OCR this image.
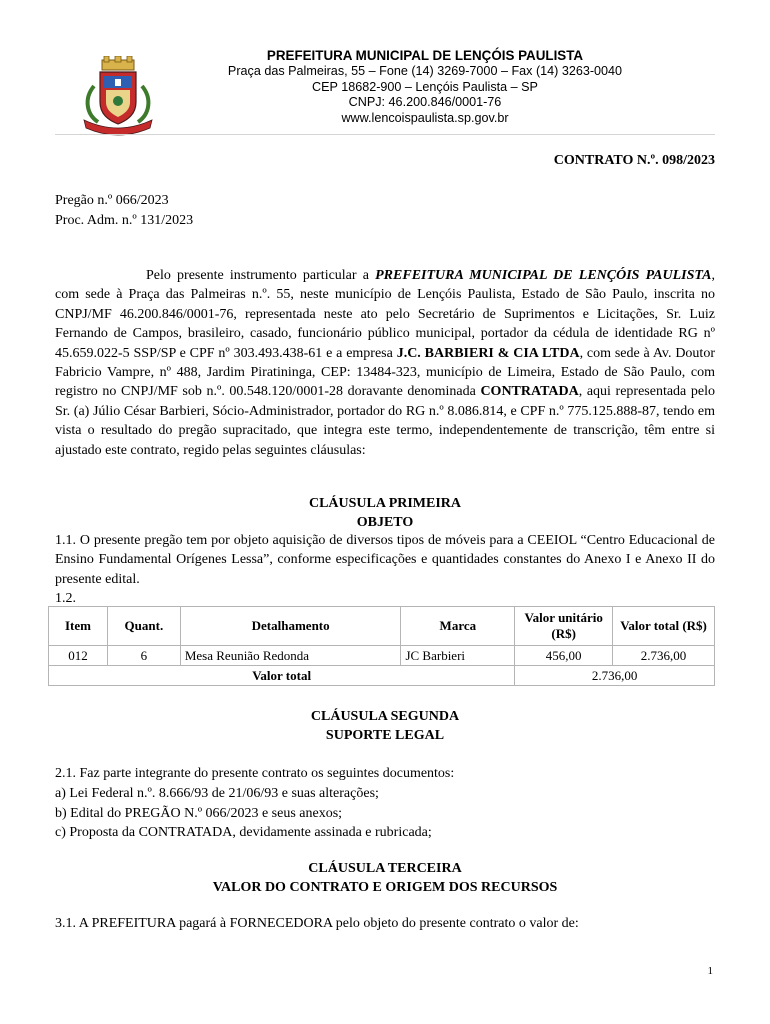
PREFEITURA MUNICIPAL DE LENÇÓIS PAULISTA
Praça das Palmeiras, 55 – Fone (14) 3269-7000 – Fax (14) 3263-0040
CEP 18682-900 – Lençóis Paulista – SP
CNPJ: 46.200.846/0001-76
www.lencoispaulista.sp.gov.br
CONTRATO N.º. 098/2023
Pregão n.º 066/2023
Proc. Adm. n.º 131/2023
Pelo presente instrumento particular a PREFEITURA MUNICIPAL DE LENÇÓIS PAULISTA, com sede à Praça das Palmeiras n.º. 55, neste município de Lençóis Paulista, Estado de São Paulo, inscrita no CNPJ/MF 46.200.846/0001-76, representada neste ato pelo Secretário de Suprimentos e Licitações, Sr. Luiz Fernando de Campos, brasileiro, casado, funcionário público municipal, portador da cédula de identidade RG nº 45.659.022-5 SSP/SP e CPF nº 303.493.438-61 e a empresa J.C. BARBIERI & CIA LTDA, com sede à Av. Doutor Fabricio Vampre, nº 488, Jardim Piratininga, CEP: 13484-323, município de Limeira, Estado de São Paulo, com registro no CNPJ/MF sob n.º. 00.548.120/0001-28 doravante denominada CONTRATADA, aqui representada pelo Sr. (a) Júlio César Barbieri, Sócio-Administrador, portador do RG n.º 8.086.814, e CPF n.º 775.125.888-87, tendo em vista o resultado do pregão supracitado, que integra este termo, independentemente de transcrição, têm entre si ajustado este contrato, regido pelas seguintes cláusulas:
CLÁUSULA PRIMEIRA
OBJETO
1.1. O presente pregão tem por objeto aquisição de diversos tipos de móveis para a CEEIOL “Centro Educacional de Ensino Fundamental Orígenes Lessa”, conforme especificações e quantidades constantes do Anexo I e Anexo II do presente edital.
1.2.
Item	Quant.	Detalhamento	Marca	Valor unitário (R$)	Valor total (R$)
012	6	Mesa Reunião Redonda	JC Barbieri	456,00	2.736,00
Valor total				2.736,00	
CLÁUSULA SEGUNDA
SUPORTE LEGAL
2.1. Faz parte integrante do presente contrato os seguintes documentos:
a) Lei Federal n.º. 8.666/93 de 21/06/93 e suas alterações;
b) Edital do PREGÃO N.º 066/2023 e seus anexos;
c) Proposta da CONTRATADA, devidamente assinada e rubricada;
CLÁUSULA TERCEIRA
VALOR DO CONTRATO E ORIGEM DOS RECURSOS
3.1. A PREFEITURA pagará à FORNECEDORA pelo objeto do presente contrato o valor de:
1
